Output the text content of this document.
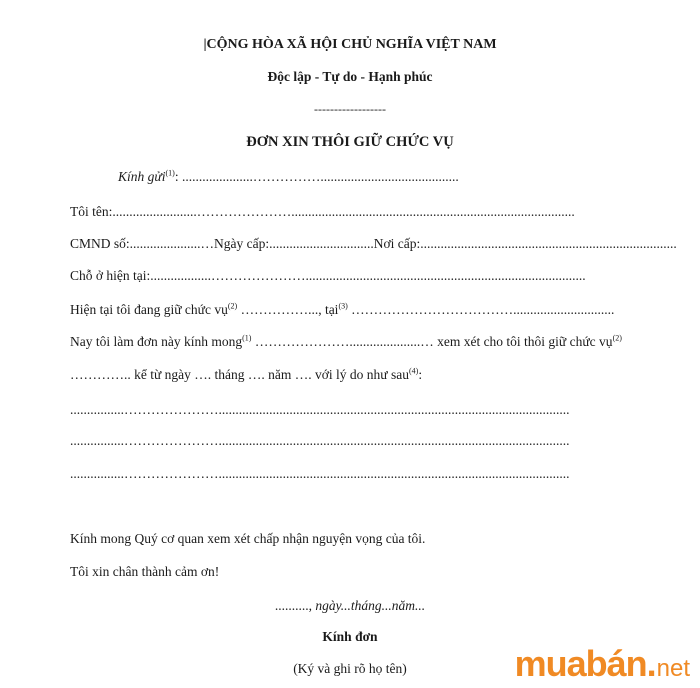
|CỘNG HÒA XÃ HỘI CHỦ NGHĨA VIỆT NAM
Độc lập - Tự do - Hạnh phúc
------------------
ĐƠN XIN THÔI GIỮ CHỨC VỤ
Kính gửi$^{(1)}$: .....................…………….........................................
Tôi tên:.........................…………………....................................................................................
CMND số:.....................…Ngày cấp:...............................Nơi cấp:............................................................................
Chỗ ở hiện tại:..................…………………...................................................................................
Hiện tại tôi đang giữ chức vụ$^{(2)}$ ……………..., tại$^{(3)}$ ………………………………..............................
Nay tôi làm đơn này kính mong$^{(1)}$ ………………….....................… xem xét cho tôi thôi giữ chức vụ$^{(2)}$
………….. kể từ ngày …. tháng …. năm …. với lý do như sau$^{(4)}$:
................…………………........................................................................................................
................…………………........................................................................................................
................…………………........................................................................................................
Kính mong Quý cơ quan xem xét chấp nhận nguyện vọng của tôi.
Tôi xin chân thành cảm ơn!
.........., ngày...tháng...năm...
Kính đơn
(Ký và ghi rõ họ tên)	muabán.net
